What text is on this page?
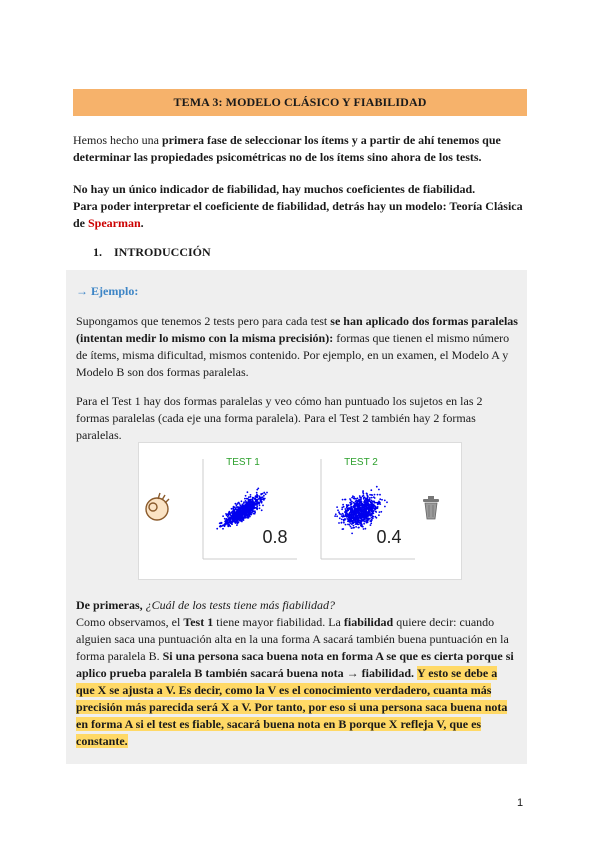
TEMA 3: MODELO CLÁSICO Y FIABILIDAD
Hemos hecho una primera fase de seleccionar los ítems y a partir de ahí tenemos que determinar las propiedades psicométricas no de los ítems sino ahora de los tests.
No hay un único indicador de fiabilidad, hay muchos coeficientes de fiabilidad.
Para poder interpretar el coeficiente de fiabilidad, detrás hay un modelo: Teoría Clásica de Spearman.
1. INTRODUCCIÓN
→ Ejemplo:
Supongamos que tenemos 2 tests pero para cada test se han aplicado dos formas paralelas (intentan medir lo mismo con la misma precisión): formas que tienen el mismo número de ítems, misma dificultad, mismos contenido. Por ejemplo, en un examen, el Modelo A y Modelo B son dos formas paralelas.
Para el Test 1 hay dos formas paralelas y veo cómo han puntuado los sujetos en las 2 formas paralelas (cada eje una forma paralela). Para el Test 2 también hay 2 formas paralelas.
TEST 1	TEST 2
0.8	0.4
De primeras, ¿Cuál de los tests tiene más fiabilidad?
Como observamos, el Test 1 tiene mayor fiabilidad. La fiabilidad quiere decir: cuando alguien saca una puntuación alta en la una forma A sacará también buena puntuación en la forma paralela B. Si una persona saca buena nota en forma A se que es cierta porque si aplico prueba paralela B también sacará buena nota → fiabilidad. Y esto se debe a que X se ajusta a V. Es decir, como la V es el conocimiento verdadero, cuanta más precisión más parecida será X a V. Por tanto, por eso si una persona saca buena nota en forma A si el test es fiable, sacará buena nota en B porque X refleja V, que es constante.
1
